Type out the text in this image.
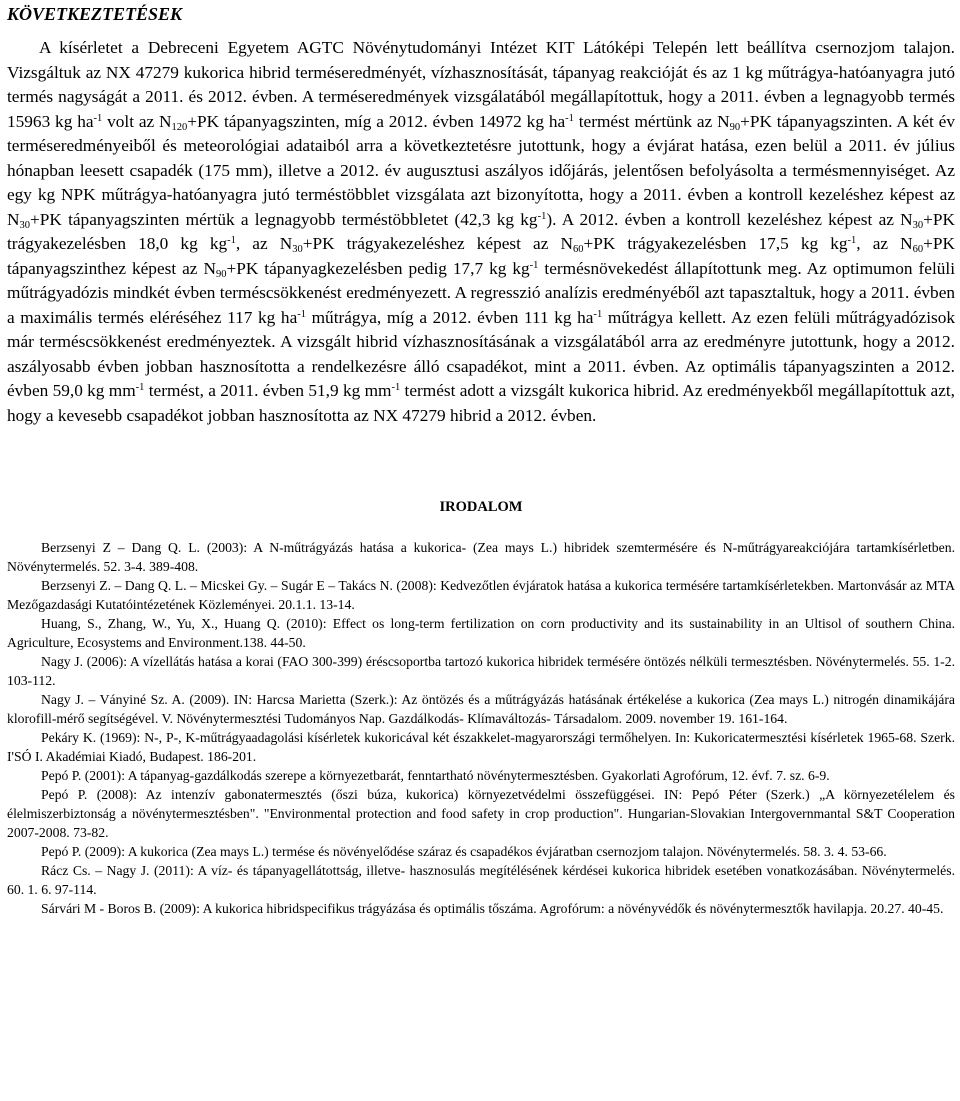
KÖVETKEZTETÉSEK

A kísérletet a Debreceni Egyetem AGTC Növénytudományi Intézet KIT Látóképi Telepén lett beállítva csernozjom talajon. Vizsgáltuk az NX 47279 kukorica hibrid terméseredményét, vízhasznosítását, tápanyag reakcióját és az 1 kg műtrágya-hatóanyagra jutó termés nagyságát a 2011. és 2012. évben. A terméseredmények vizsgálatából megállapítottuk, hogy a 2011. évben a legnagyobb termés 15963 kg $ha^{-1}$ volt az $N_{120}+PK$ tápanyagszinten, míg a 2012. évben 14972 kg $ha^{-1}$ termést mértünk az $N_{90}+PK$ tápanyagszinten. A két év terméseredményeiből és meteorológiai adataiból arra a következtetésre jutottunk, hogy a évjárat hatása, ezen belül a 2011. év július hónapban leesett csapadék (175 mm), illetve a 2012. év augusztusi aszályos időjárás, jelentősen befolyásolta a termésmennyiséget. Az egy kg NPK műtrágya-hatóanyagra jutó terméstöbblet vizsgálata azt bizonyította, hogy a 2011. évben a kontroll kezeléshez képest az $N_{30}+PK$ tápanyagszinten mértük a legnagyobb terméstöbbletet (42,3 kg $kg^{-1}$). A 2012. évben a kontroll kezeléshez képest az $N_{30}+PK$ trágyakezelésben 18,0 kg $kg^{-1}$, az $N_{30}+PK$ trágyakezeléshez képest az $N_{60}+PK$ trágyakezelésben 17,5 kg $kg^{-1}$, az $N_{60}+PK$ tápanyagszinthez képest az $N_{90}+PK$ tápanyagkezelésben pedig 17,7 kg $kg^{-1}$ termésnövekedést állapítottunk meg. Az optimumon felüli műtrágyadózis mindkét évben terméscsökkenést eredményezett. A regresszió analízis eredményéből azt tapasztaltuk, hogy a 2011. évben a maximális termés eléréséhez 117 kg $ha^{-1}$ műtrágya, míg a 2012. évben 111 kg $ha^{-1}$ műtrágya kellett. Az ezen felüli műtrágyadózisok már terméscsökkenést eredményeztek. A vizsgált hibrid vízhasznosításának a vizsgálatából arra az eredményre jutottunk, hogy a 2012. aszályosabb évben jobban hasznosította a rendelkezésre álló csapadékot, mint a 2011. évben. Az optimális tápanyagszinten a 2012. évben 59,0 kg $mm^{-1}$ termést, a 2011. évben 51,9 kg $mm^{-1}$ termést adott a vizsgált kukorica hibrid. Az eredményekből megállapítottuk azt, hogy a kevesebb csapadékot jobban hasznosította az NX 47279 hibrid a 2012. évben.

IRODALOM

Berzsenyi Z – Dang Q. L. (2003): A N-műtrágyázás hatása a kukorica- (Zea mays L.) hibridek szemtermésére és N-műtrágyareakciójára tartamkísérletben. Növénytermelés. 52. 3-4. 389-408.

Berzsenyi Z. – Dang Q. L. – Micskei Gy. – Sugár E – Takács N. (2008): Kedvezőtlen évjáratok hatása a kukorica termésére tartamkísérletekben. Martonvásár az MTA Mezőgazdasági Kutatóintézetének Közleményei. 20.1.1. 13-14.

Huang, S., Zhang, W., Yu, X., Huang Q. (2010): Effect os long-term fertilization on corn productivity and its sustainability in an Ultisol of southern China. Agriculture, Ecosystems and Environment.138. 44-50.

Nagy J. (2006): A vízellátás hatása a korai (FAO 300-399) éréscsoportba tartozó kukorica hibridek termésére öntözés nélküli termesztésben. Növénytermelés. 55. 1-2. 103-112.

Nagy J. – Ványiné Sz. A. (2009). IN: Harcsa Marietta (Szerk.): Az öntözés és a műtrágyázás hatásának értékelése a kukorica (Zea mays L.) nitrogén dinamikájára klorofill-mérő segítségével. V. Növénytermesztési Tudományos Nap. Gazdálkodás- Klímaváltozás- Társadalom. 2009. november 19. 161-164.

Pekáry K. (1969): N-, P-, K-műtrágyaadagolási kísérletek kukoricával két északkelet-magyarországi termőhelyen. In: Kukoricatermesztési kísérletek 1965-68. Szerk. I'SÓ I. Akadémiai Kiadó, Budapest. 186-201.

Pepó P. (2001): A tápanyag-gazdálkodás szerepe a környezetbarát, fenntartható növénytermesztésben. Gyakorlati Agrofórum, 12. évf. 7. sz. 6-9.

Pepó P. (2008): Az intenzív gabonatermesztés (őszi búza, kukorica) környezetvédelmi összefüggései. IN: Pepó Péter (Szerk.) „A környezetélelem és élelmiszerbiztonság a növénytermesztésben". "Environmental protection and food safety in crop production". Hungarian-Slovakian Intergovernmantal S&T Cooperation 2007-2008. 73-82.

Pepó P. (2009): A kukorica (Zea mays L.) termése és növényelődése száraz és csapadékos évjáratban csernozjom talajon. Növénytermelés. 58. 3. 4. 53-66.

Rácz Cs. – Nagy J. (2011): A víz- és tápanyagellátottság, illetve- hasznosulás megítélésének kérdései kukorica hibridek esetében vonatkozásában. Növénytermelés. 60. 1. 6. 97-114.

Sárvári M - Boros B. (2009): A kukorica hibridspecifikus trágyázása és optimális tőszáma. Agrofórum: a növényvédők és növénytermesztők havilapja. 20.27. 40-45.
